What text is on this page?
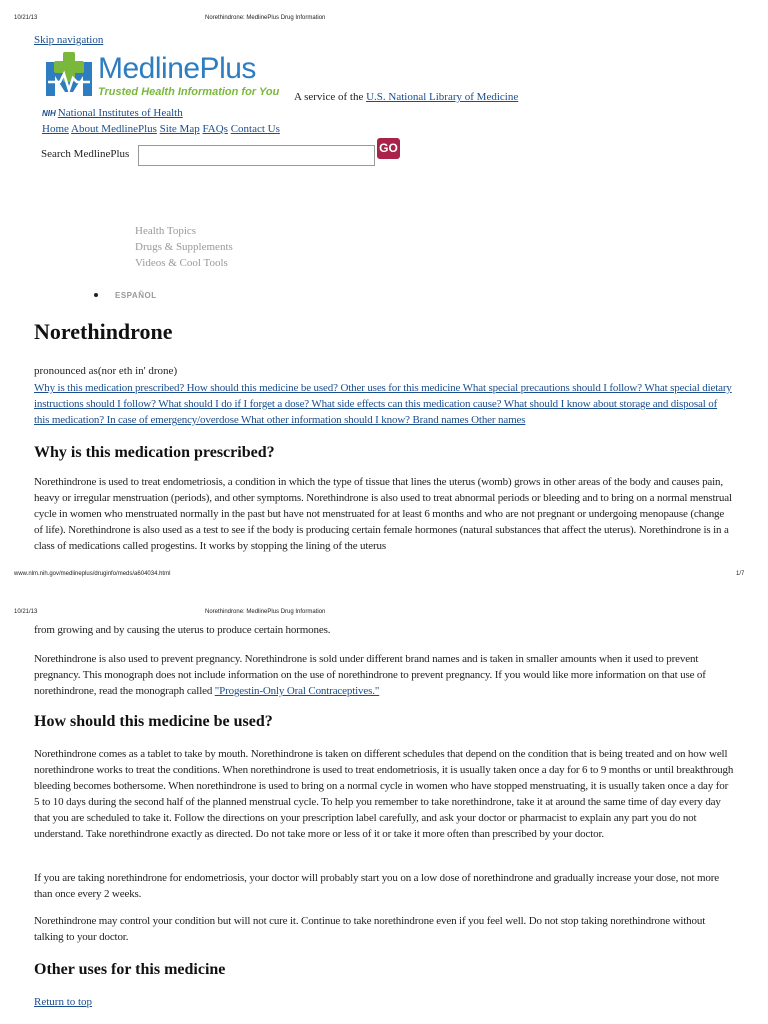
10/21/13	Norethindrone: MedlinePlus Drug Information
Skip navigation
MedlinePlus
Trusted Health Information for You A service of the U.S. National Library of Medicine
NIH National Institutes of Health
Home About MedlinePlus Site Map FAQs Contact Us
Search MedlinePlus	GO
Health Topics
Drugs & Supplements
Videos & Cool Tools
ESPAÑOL
Norethindrone
pronounced as(nor eth in' drone)
Why is this medication prescribed? How should this medicine be used? Other uses for this medicine What special precautions should I follow? What special dietary instructions should I follow? What should I do if I forget a dose? What side effects can this medication cause? What should I know about storage and disposal of this medication? In case of emergency/overdose What other information should I know? Brand names Other names
Why is this medication prescribed?

Norethindrone is used to treat endometriosis, a condition in which the type of tissue that lines the uterus (womb) grows in other areas of the body and causes pain, heavy or irregular menstruation (periods), and other symptoms. Norethindrone is also used to treat abnormal periods or bleeding and to bring on a normal menstrual cycle in women who menstruated normally in the past but have not menstruated for at least 6 months and who are not pregnant or undergoing menopause (change of life). Norethindrone is also used as a test to see if the body is producing certain female hormones (natural substances that affect the uterus). Norethindrone is in a class of medications called progestins. It works by stopping the lining of the uterus

www.nlm.nih.gov/medlineplus/druginfo/meds/a604034.html	1/7
10/21/13	Norethindrone: MedlinePlus Drug Information

from growing and by causing the uterus to produce certain hormones.

Norethindrone is also used to prevent pregnancy. Norethindrone is sold under different brand names and is taken in smaller amounts when it used to prevent pregnancy. This monograph does not include information on the use of norethindrone to prevent pregnancy. If you would like more information on that use of norethindrone, read the monograph called "Progestin-Only Oral Contraceptives."

How should this medicine be used?

Norethindrone comes as a tablet to take by mouth. Norethindrone is taken on different schedules that depend on the condition that is being treated and on how well norethindrone works to treat the conditions. When norethindrone is used to treat endometriosis, it is usually taken once a day for 6 to 9 months or until breakthrough bleeding becomes bothersome. When norethindrone is used to bring on a normal cycle in women who have stopped menstruating, it is usually taken once a day for 5 to 10 days during the second half of the planned menstrual cycle. To help you remember to take norethindrone, take it at around the same time of day every day that you are scheduled to take it. Follow the directions on your prescription label carefully, and ask your doctor or pharmacist to explain any part you do not understand. Take norethindrone exactly as directed. Do not take more or less of it or take it more often than prescribed by your doctor.

If you are taking norethindrone for endometriosis, your doctor will probably start you on a low dose of norethindrone and gradually increase your dose, not more than once every 2 weeks.

Norethindrone may control your condition but will not cure it. Continue to take norethindrone even if you feel well. Do not stop taking norethindrone without talking to your doctor.

Other uses for this medicine
Return to top
